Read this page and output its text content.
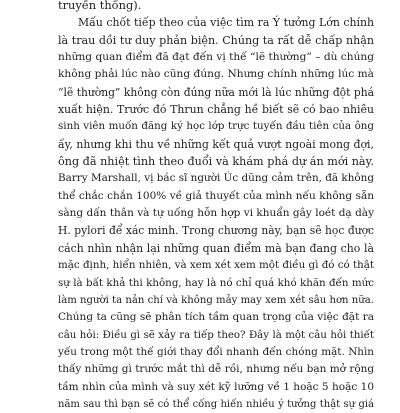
truyền thống).
Mấu chốt tiếp theo của việc tìm ra Ý tưởng Lớn chính
là trau dồi tư duy phản biện. Chúng ta rất dễ chấp nhận
những quan điểm đã đạt đến vị thế “lẽ thường” – dù chúng
không phải lúc nào cũng đúng. Nhưng chính những lúc mà
“lẽ thường” không còn đúng nữa mới là lúc những đột phá
xuất hiện. Trước đó Thrun chẳng hề biết sẽ có bao nhiêu
sinh viên muốn đăng ký học lớp trực tuyến đầu tiên của ông
ấy, nhưng khi thu về những kết quả vượt ngoài mong đợi,
ông đã nhiệt tình theo đuổi và khám phá dự án mới này.
Barry Marshall, vị bác sĩ người Úc dũng cảm trên, đã không
thể chắc chắn 100% về giả thuyết của mình nếu không sẵn
sàng dấn thân và tự uống hỗn hợp vi khuẩn gây loét dạ dày
H. pylori để xác minh. Trong chương này, bạn sẽ học được
cách nhìn nhận lại những quan điểm mà bạn đang cho là
mặc định, hiển nhiên, và xem xét xem một điều gì đó có thật
sự là bất khả thi không, hay là nó chỉ quá khó khăn đến mức
làm người ta nản chí và không mảy may xem xét sâu hơn nữa.
Chúng ta cũng sẽ phân tích tầm quan trọng của việc đặt ra
câu hỏi: Điều gì sẽ xảy ra tiếp theo? Đây là một câu hỏi thiết
yếu trong một thế giới thay đổi nhanh đến chóng mặt. Nhìn
thấy những gì trước mắt thì dễ rồi, nhưng nếu bạn mở rộng
tầm nhìn của mình và suy xét kỹ lưỡng về 1 hoặc 5 hoặc 10
năm sau thì bạn sẽ có thể cống hiến nhiều ý tưởng thật sự giá
